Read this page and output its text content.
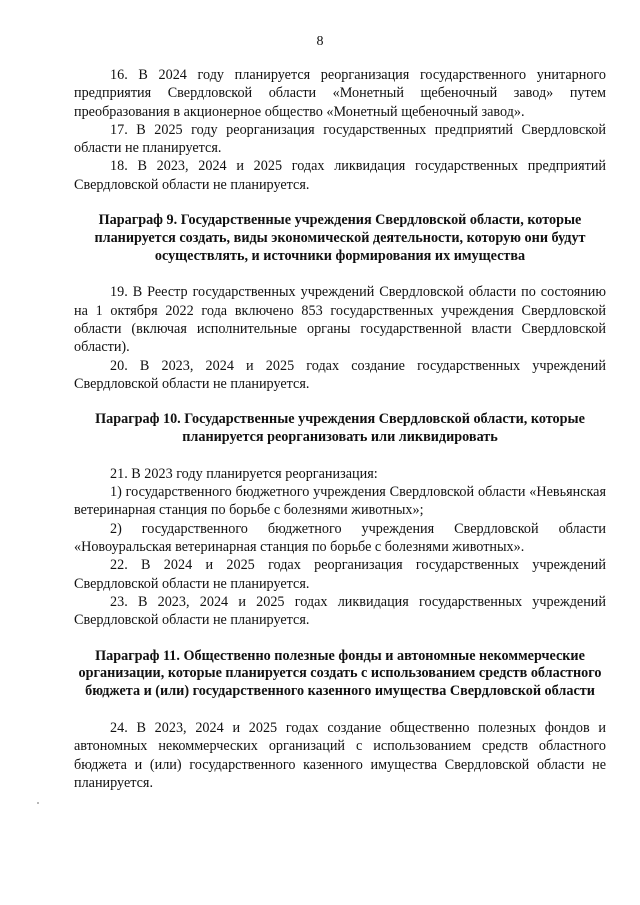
8

16. В 2024 году планируется реорганизация государственного унитарного предприятия Свердловской области «Монетный щебеночный завод» путем преобразования в акционерное общество «Монетный щебеночный завод».

17. В 2025 году реорганизация государственных предприятий Свердловской области не планируется.

18. В 2023, 2024 и 2025 годах ликвидация государственных предприятий Свердловской области не планируется.

Параграф 9. Государственные учреждения Свердловской области, которые планируется создать, виды экономической деятельности, которую они будут осуществлять, и источники формирования их имущества

19. В Реестр государственных учреждений Свердловской области по состоянию на 1 октября 2022 года включено 853 государственных учреждения Свердловской области (включая исполнительные органы государственной власти Свердловской области).

20. В 2023, 2024 и 2025 годах создание государственных учреждений Свердловской области не планируется.

Параграф 10. Государственные учреждения Свердловской области, которые планируется реорганизовать или ликвидировать

21. В 2023 году планируется реорганизация:

1) государственного бюджетного учреждения Свердловской области «Невьянская ветеринарная станция по борьбе с болезнями животных»;

2) государственного бюджетного учреждения Свердловской области «Новоуральская ветеринарная станция по борьбе с болезнями животных».

22. В 2024 и 2025 годах реорганизация государственных учреждений Свердловской области не планируется.

23. В 2023, 2024 и 2025 годах ликвидация государственных учреждений Свердловской области не планируется.

Параграф 11. Общественно полезные фонды и автономные некоммерческие организации, которые планируется создать с использованием средств областного бюджета и (или) государственного казенного имущества Свердловской области

24. В 2023, 2024 и 2025 годах создание общественно полезных фондов и автономных некоммерческих организаций с использованием средств областного бюджета и (или) государственного казенного имущества Свердловской области не планируется.
